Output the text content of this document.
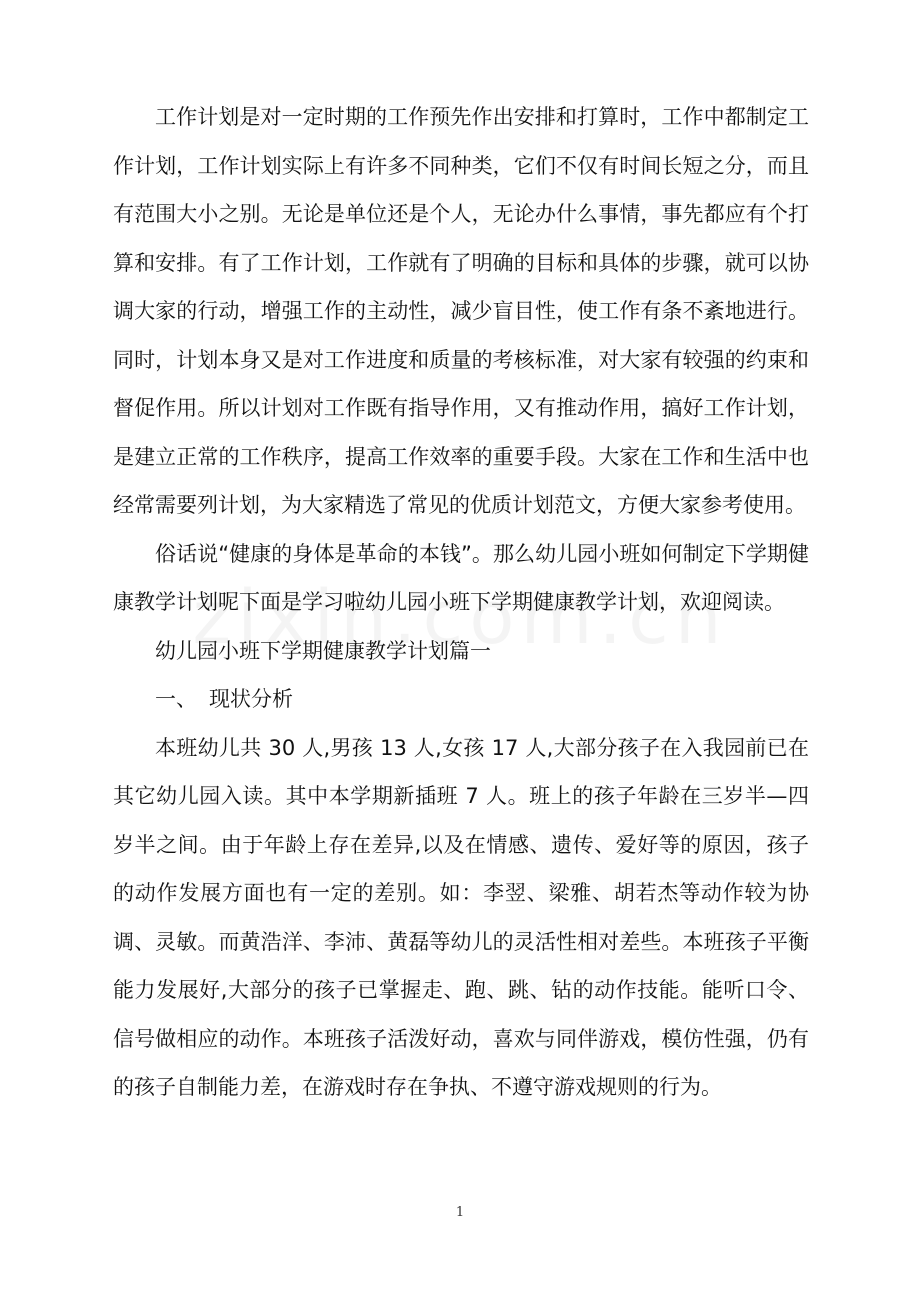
工作计划是对一定时期的工作预先作出安排和打算时，工作中都制定工作计划，工作计划实际上有许多不同种类，它们不仅有时间长短之分，而且有范围大小之别。无论是单位还是个人，无论办什么事情，事先都应有个打算和安排。有了工作计划，工作就有了明确的目标和具体的步骤，就可以协调大家的行动，增强工作的主动性，减少盲目性，使工作有条不紊地进行。同时，计划本身又是对工作进度和质量的考核标准，对大家有较强的约束和督促作用。所以计划对工作既有指导作用，又有推动作用，搞好工作计划，是建立正常的工作秩序，提高工作效率的重要手段。大家在工作和生活中也经常需要列计划，为大家精选了常见的优质计划范文，方便大家参考使用。

俗话说“健康的身体是革命的本钱”。那么幼儿园小班如何制定下学期健康教学计划呢下面是学习啦幼儿园小班下学期健康教学计划，欢迎阅读。

幼儿园小班下学期健康教学计划篇一

一、 现状分析

本班幼儿共 30 人,男孩 13 人,女孩 17 人,大部分孩子在入我园前已在其它幼儿园入读。其中本学期新插班 7 人。班上的孩子年龄在三岁半—四岁半之间。由于年龄上存在差异,以及在情感、遗传、爱好等的原因，孩子的动作发展方面也有一定的差别。如：李翌、梁雅、胡若杰等动作较为协调、灵敏。而黄浩洋、李沛、黄磊等幼儿的灵活性相对差些。本班孩子平衡能力发展好,大部分的孩子已掌握走、跑、跳、钻的动作技能。能听口令、信号做相应的动作。本班孩子活泼好动，喜欢与同伴游戏，模仿性强，仍有的孩子自制能力差，在游戏时存在争执、不遵守游戏规则的行为。

1
